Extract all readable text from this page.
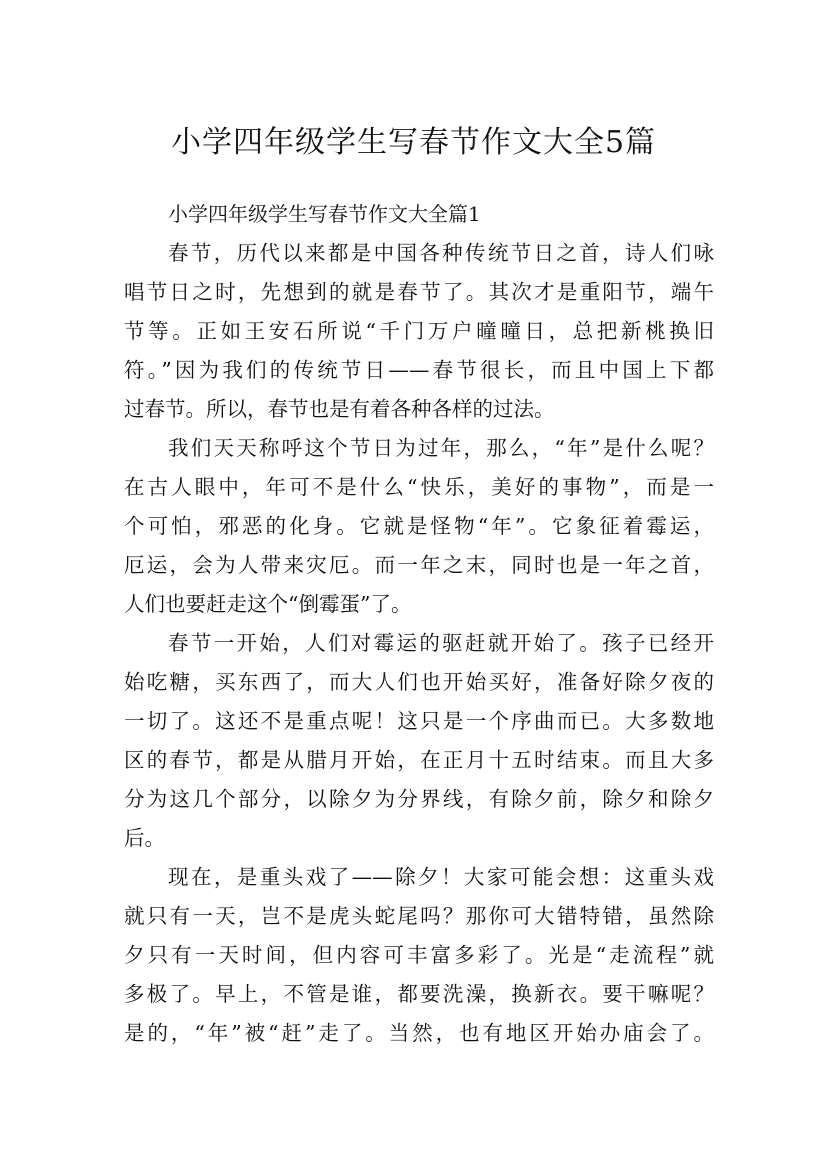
小学四年级学生写春节作文大全5篇

小学四年级学生写春节作文大全篇1

春节，历代以来都是中国各种传统节日之首，诗人们咏
唱节日之时，先想到的就是春节了。其次才是重阳节，端午
节等。正如王安石所说“千门万户曈曈日，总把新桃换旧
符。”因为我们的传统节日——春节很长，而且中国上下都
过春节。所以，春节也是有着各种各样的过法。

我们天天称呼这个节日为过年，那么，“年”是什么呢？
在古人眼中，年可不是什么“快乐，美好的事物”，而是一
个可怕，邪恶的化身。它就是怪物“年”。它象征着霉运，
厄运，会为人带来灾厄。而一年之末，同时也是一年之首，
人们也要赶走这个“倒霉蛋”了。

春节一开始，人们对霉运的驱赶就开始了。孩子已经开
始吃糖，买东西了，而大人们也开始买好，准备好除夕夜的
一切了。这还不是重点呢！这只是一个序曲而已。大多数地
区的春节，都是从腊月开始，在正月十五时结束。而且大多
分为这几个部分，以除夕为分界线，有除夕前，除夕和除夕
后。

现在，是重头戏了——除夕！大家可能会想：这重头戏
就只有一天，岂不是虎头蛇尾吗？那你可大错特错，虽然除
夕只有一天时间，但内容可丰富多彩了。光是“走流程”就
多极了。早上，不管是谁，都要洗澡，换新衣。要干嘛呢？
是的，“年”被“赶”走了。当然，也有地区开始办庙会了。
